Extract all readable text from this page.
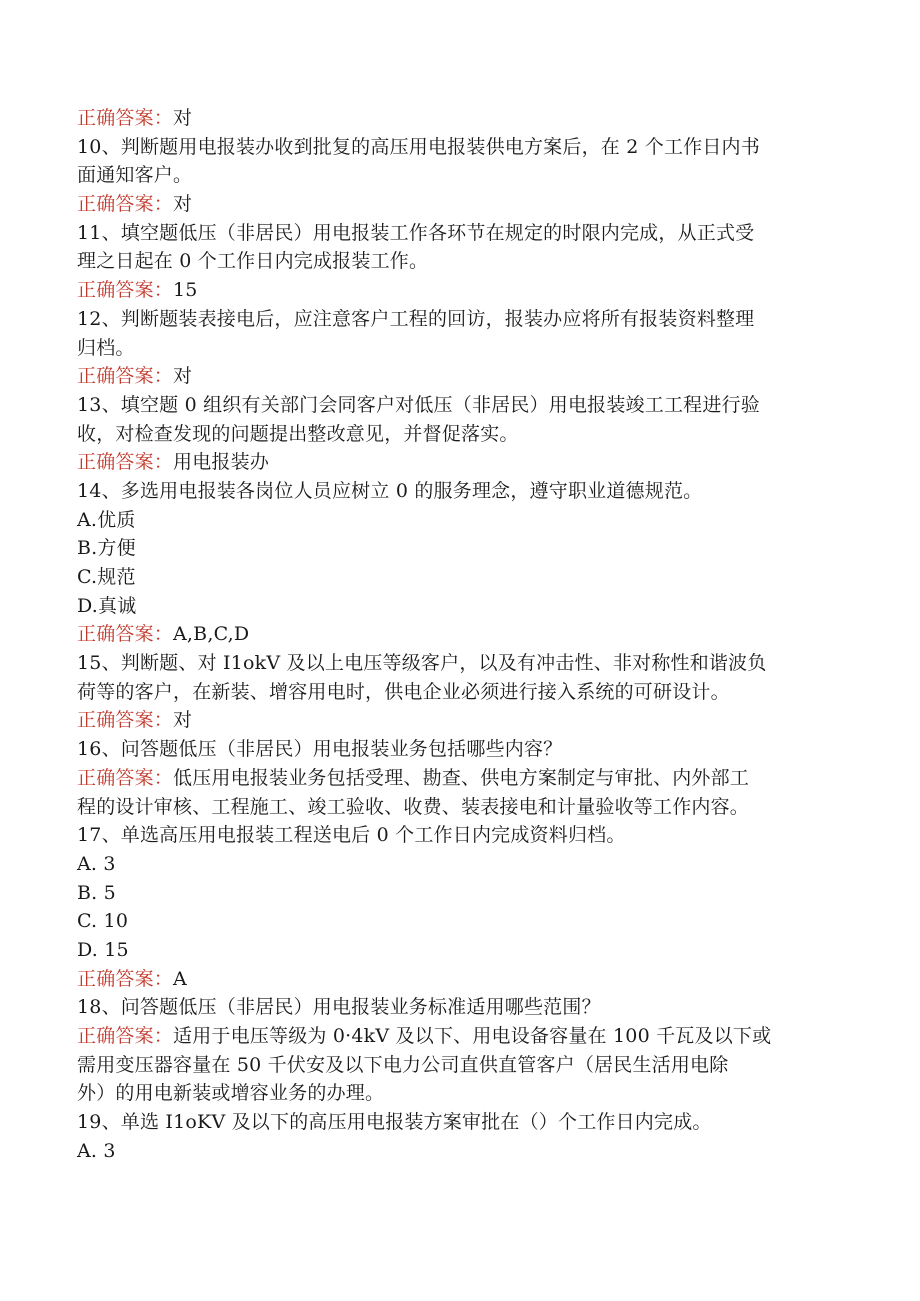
正确答案：对
10、判断题用电报装办收到批复的高压用电报装供电方案后，在 2 个工作日内书
面通知客户。
正确答案：对
11、填空题低压（非居民）用电报装工作各环节在规定的时限内完成，从正式受
理之日起在 0 个工作日内完成报装工作。
正确答案：15
12、判断题装表接电后，应注意客户工程的回访，报装办应将所有报装资料整理
归档。
正确答案：对
13、填空题 0 组织有关部门会同客户对低压（非居民）用电报装竣工工程进行验
收，对检查发现的问题提出整改意见，并督促落实。
正确答案：用电报装办
14、多选用电报装各岗位人员应树立 0 的服务理念，遵守职业道德规范。
A.优质
B.方便
C.规范
D.真诚
正确答案：A,B,C,D
15、判断题、对 I1okV 及以上电压等级客户，以及有冲击性、非对称性和谐波负
荷等的客户，在新装、增容用电时，供电企业必须进行接入系统的可研设计。
正确答案：对
16、问答题低压（非居民）用电报装业务包括哪些内容？
正确答案：低压用电报装业务包括受理、勘查、供电方案制定与审批、内外部工
程的设计审核、工程施工、竣工验收、收费、装表接电和计量验收等工作内容。
17、单选高压用电报装工程送电后 0 个工作日内完成资料归档。
A. 3
B. 5
C. 10
D. 15
正确答案：A
18、问答题低压（非居民）用电报装业务标准适用哪些范围？
正确答案：适用于电压等级为 0·4kV 及以下、用电设备容量在 100 千瓦及以下或
需用变压器容量在 50 千伏安及以下电力公司直供直管客户（居民生活用电除
外）的用电新装或增容业务的办理。
19、单选 I1oKV 及以下的高压用电报装方案审批在（）个工作日内完成。
A. 3
